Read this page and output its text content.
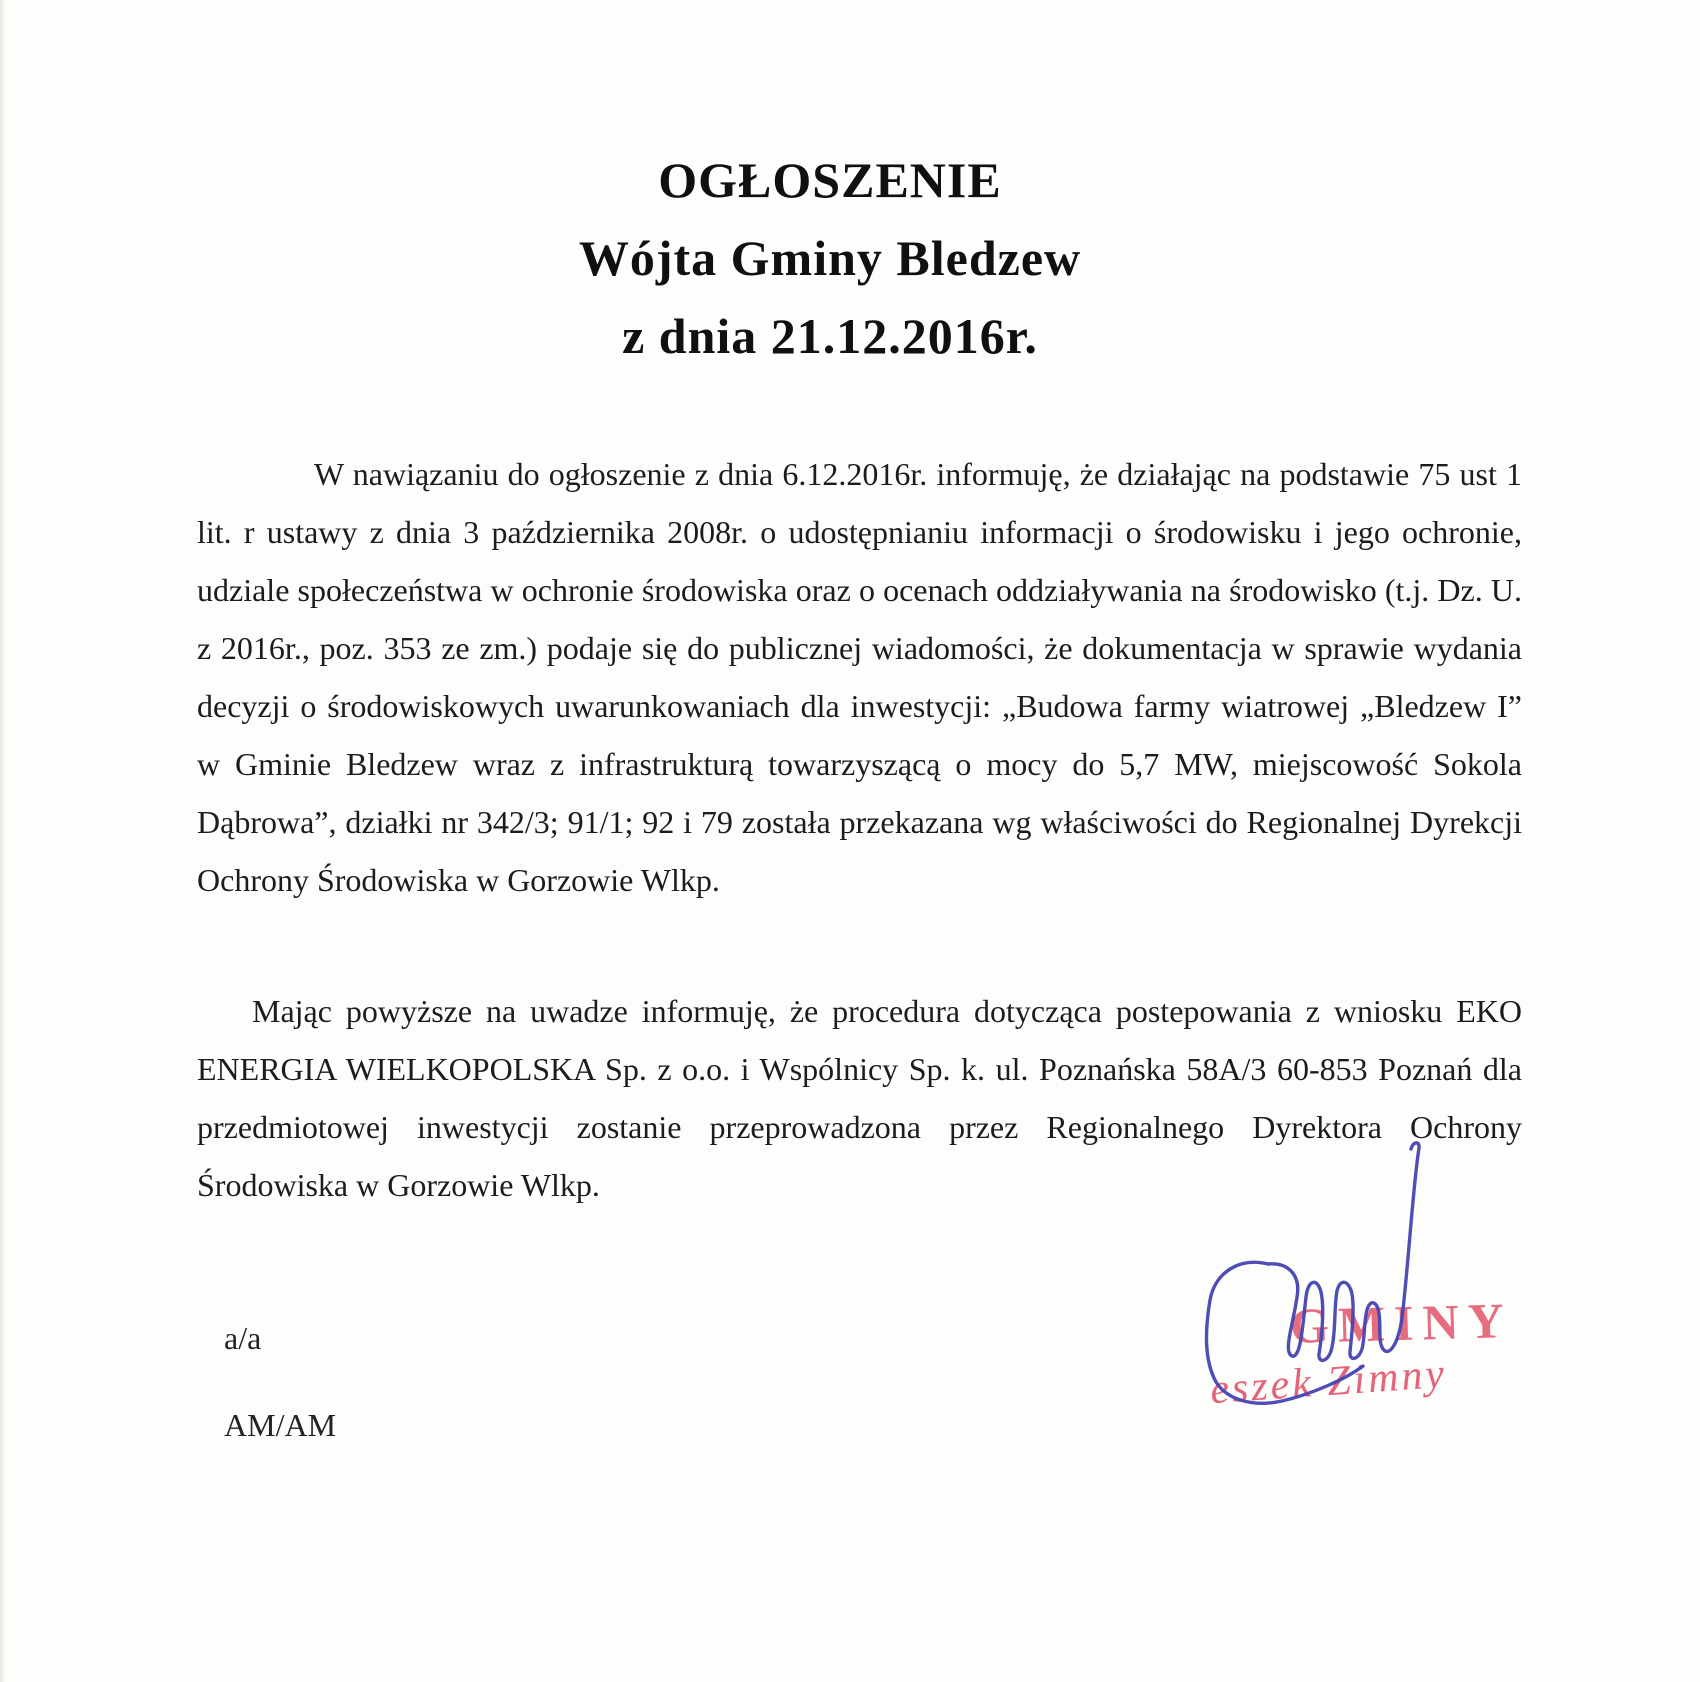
OGŁOSZENIE
Wójta Gminy Bledzew
z dnia 21.12.2016r.

W nawiązaniu do ogłoszenie z dnia 6.12.2016r. informuję, że działając na podstawie 75 ust 1 lit. r ustawy z dnia 3 października 2008r. o udostępnianiu informacji o środowisku i jego ochronie, udziale społeczeństwa w ochronie środowiska oraz o ocenach oddziaływania na środowisko (t.j. Dz. U. z 2016r., poz. 353 ze zm.) podaje się do publicznej wiadomości, że dokumentacja w sprawie wydania decyzji o środowiskowych uwarunkowaniach dla inwestycji: „Budowa farmy wiatrowej „Bledzew I” w Gminie Bledzew wraz z infrastrukturą towarzyszącą o mocy do 5,7 MW, miejscowość Sokola Dąbrowa”, działki nr 342/3; 91/1; 92 i 79 została przekazana wg właściwości do Regionalnej Dyrekcji Ochrony Środowiska w Gorzowie Wlkp.

Mając powyższe na uwadze informuję, że procedura dotycząca postepowania z wniosku EKO ENERGIA WIELKOPOLSKA Sp. z o.o. i Wspólnicy Sp. k. ul. Poznańska 58A/3 60-853 Poznań dla przedmiotowej inwestycji zostanie przeprowadzona przez Regionalnego Dyrektora Ochrony Środowiska w Gorzowie Wlkp.

a/a
AM/AM
GMINY
eszek Zimny
